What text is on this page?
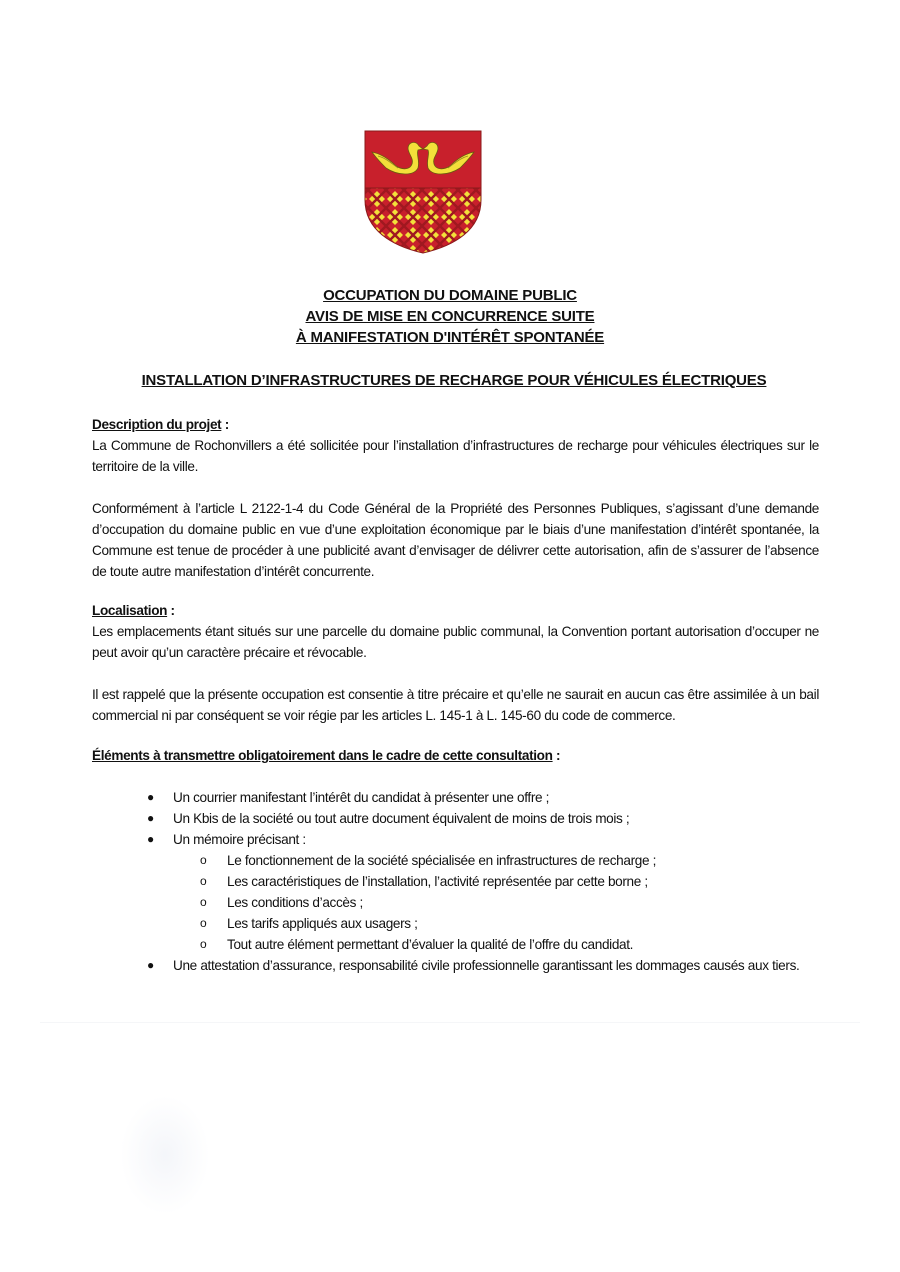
OCCUPATION DU DOMAINE PUBLIC
AVIS DE MISE EN CONCURRENCE SUITE
À MANIFESTATION D'INTÉRÊT SPONTANÉE
INSTALLATION D’INFRASTRUCTURES DE RECHARGE POUR VÉHICULES ÉLECTRIQUES
Description du projet :

La Commune de Rochonvillers a été sollicitée pour l’installation d’infrastructures de recharge pour véhicules électriques sur le territoire de la ville.

Conformément à l’article L 2122-1-4 du Code Général de la Propriété des Personnes Publiques, s’agissant d’une demande d’occupation du domaine public en vue d’une exploitation économique par le biais d’une manifestation d’intérêt spontanée, la Commune est tenue de procéder à une publicité avant d’envisager de délivrer cette autorisation, afin de s’assurer de l’absence de toute autre manifestation d’intérêt concurrente.

Localisation :

Les emplacements étant situés sur une parcelle du domaine public communal, la Convention portant autorisation d’occuper ne peut avoir qu’un caractère précaire et révocable.

Il est rappelé que la présente occupation est consentie à titre précaire et qu’elle ne saurait en aucun cas être assimilée à un bail commercial ni par conséquent se voir régie par les articles L. 145-1 à L. 145-60 du code de commerce.

Éléments à transmettre obligatoirement dans le cadre de cette consultation :
● Un courrier manifestant l’intérêt du candidat à présenter une offre ;
● Un Kbis de la société ou tout autre document équivalent de moins de trois mois ;
● Un mémoire précisant :
o Le fonctionnement de la société spécialisée en infrastructures de recharge ;
o Les caractéristiques de l’installation, l’activité représentée par cette borne ;
o Les conditions d’accès ;
o Les tarifs appliqués aux usagers ;
o Tout autre élément permettant d’évaluer la qualité de l’offre du candidat.
● Une attestation d’assurance, responsabilité civile professionnelle garantissant les dommages causés aux tiers.
